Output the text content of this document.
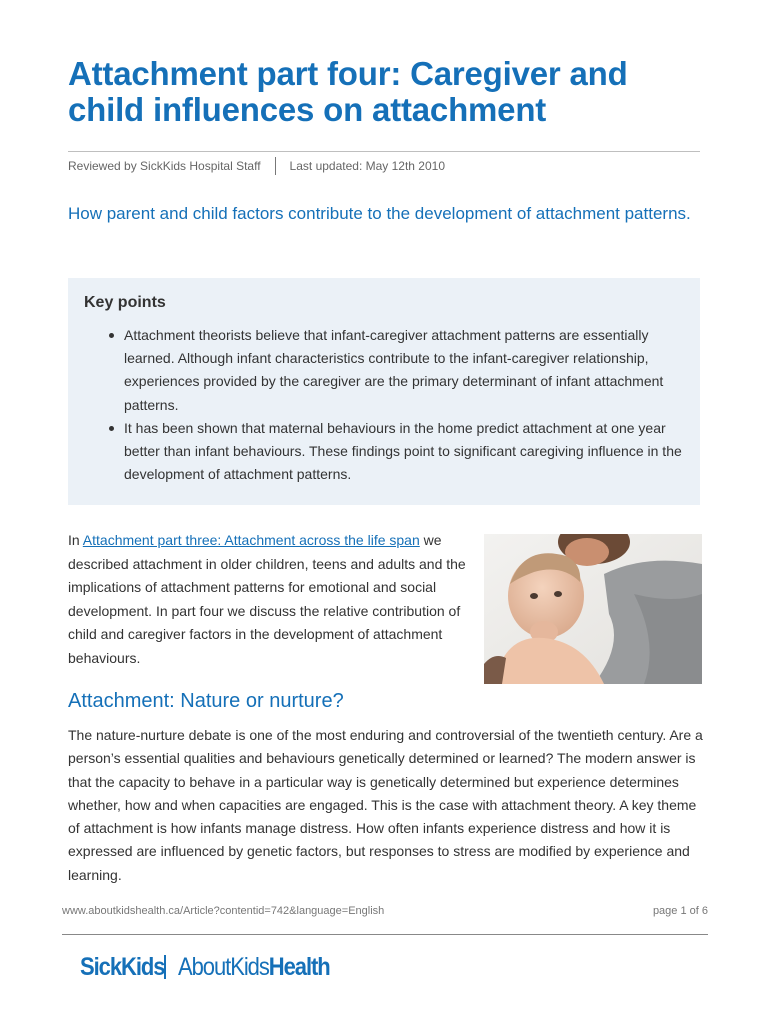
Attachment part four: Caregiver and child influences on attachment
Reviewed by SickKids Hospital Staff Last updated: May 12th 2010

How parent and child factors contribute to the development of attachment patterns.

Key points
Attachment theorists believe that infant-caregiver attachment patterns are essentially learned. Although infant characteristics contribute to the infant-caregiver relationship, experiences provided by the caregiver are the primary determinant of infant attachment patterns.
It has been shown that maternal behaviours in the home predict attachment at one year better than infant behaviours. These findings point to significant caregiving influence in the development of attachment patterns.

In Attachment part three: Attachment across the life span we described attachment in older children, teens and adults and the implications of attachment patterns for emotional and social development. In part four we discuss the relative contribution of child and caregiver factors in the development of attachment behaviours.

Attachment: Nature or nurture?

The nature-nurture debate is one of the most enduring and controversial of the twentieth century. Are a person’s essential qualities and behaviours genetically determined or learned? The modern answer is that the capacity to behave in a particular way is genetically determined but experience determines whether, how and when capacities are engaged. This is the case with attachment theory. A key theme of attachment is how infants manage distress. How often infants experience distress and how it is expressed are influenced by genetic factors, but responses to stress are modified by experience and learning.

www.aboutkidshealth.ca/Article?contentid=742&language=English	page 1 of 6
SickKids AboutKidsHealth
